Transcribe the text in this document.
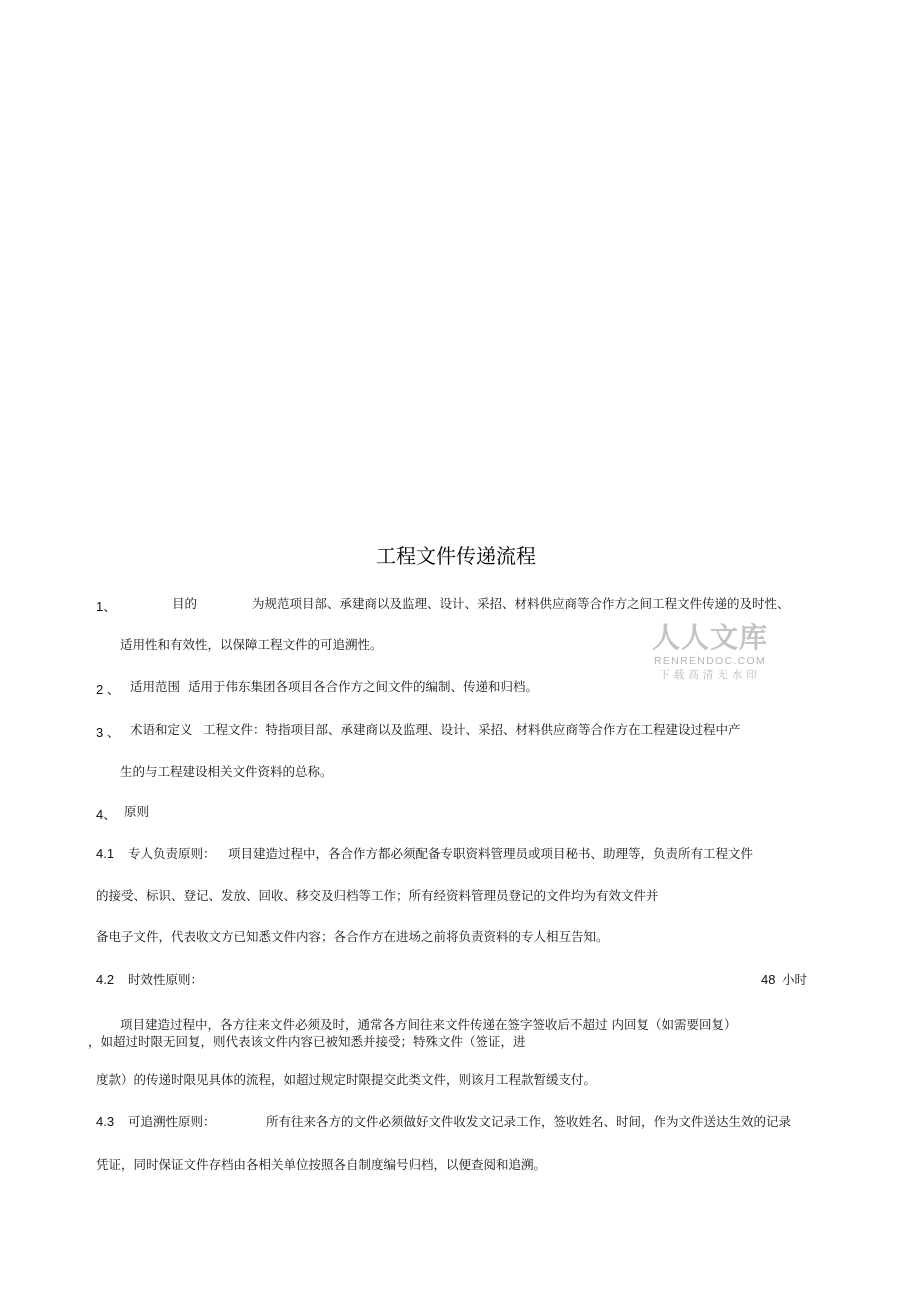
工程文件传递流程
1、	目的	为规范项目部、承建商以及监理、设计、采招、材料供应商等合作方之间工程文件传递的及时性、
适用性和有效性，以保障工程文件的可追溯性。
2 、 适用范围 适用于伟东集团各项目各合作方之间文件的编制、传递和归档。
3 、 术语和定义 工程文件：特指项目部、承建商以及监理、设计、采招、材料供应商等合作方在工程建设过程中产
生的与工程建设相关文件资料的总称。
4、 原则
4.1 专人负责原则： 项目建造过程中，各合作方都必须配备专职资料管理员或项目秘书、助理等，负责所有工程文件
的接受、标识、登记、发放、回收、移交及归档等工作；所有经资料管理员登记的文件均为有效文件并
备电子文件，代表收文方已知悉文件内容；各合作方在进场之前将负责资料的专人相互告知。
4.2 时效性原则：	48 小时
项目建造过程中，各方往来文件必须及时，通常各方间往来文件传递在签字签收后不超过 内回复（如需要回复）
，如超过时限无回复，则代表该文件内容已被知悉并接受；特殊文件（签证，进
度款）的传递时限见具体的流程，如超过规定时限提交此类文件，则该月工程款暂缓支付。
4.3 可追溯性原则：	所有往来各方的文件必须做好文件收发文记录工作，签收姓名、时间，作为文件送达生效的记录
凭证，同时保证文件存档由各相关单位按照各自制度编号归档，以便查阅和追溯。
人人文库
RENRENDOC.COM
下载高清无水印
